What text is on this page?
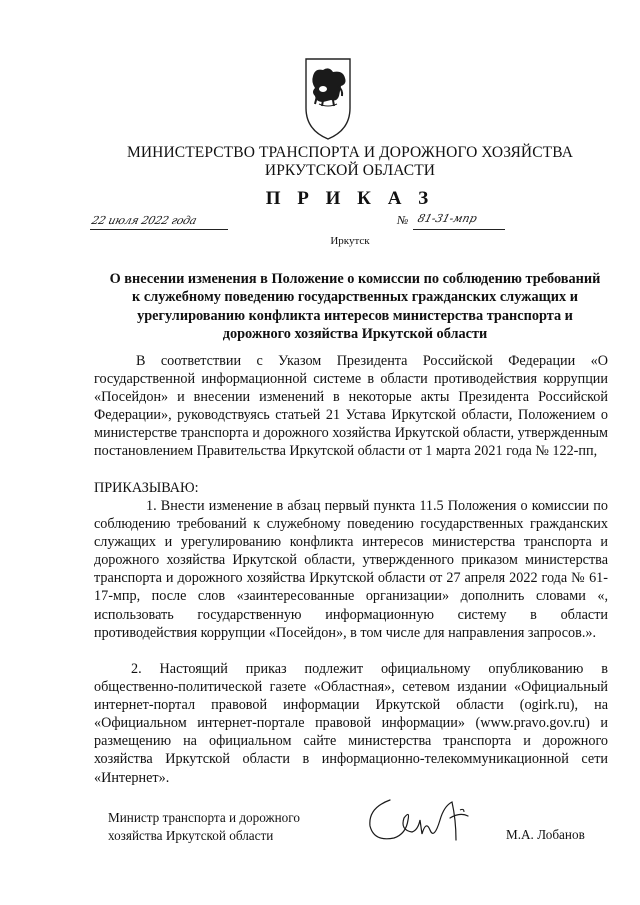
МИНИСТЕРСТВО ТРАНСПОРТА И ДОРОЖНОГО ХОЗЯЙСТВА
ИРКУТСКОЙ ОБЛАСТИ
П Р И К А З
22 июля 2022 года	№ 81-31-мпр
Иркутск
О внесении изменения в Положение о комиссии по соблюдению требований к служебному поведению государственных гражданских служащих и урегулированию конфликта интересов министерства транспорта и дорожного хозяйства Иркутской области
В соответствии с Указом Президента Российской Федерации «О государственной информационной системе в области противодействия коррупции «Посейдон» и внесении изменений в некоторые акты Президента Российской Федерации», руководствуясь статьей 21 Устава Иркутской области, Положением о министерстве транспорта и дорожного хозяйства Иркутской области, утвержденным постановлением Правительства Иркутской области от 1 марта 2021 года № 122-пп,
ПРИКАЗЫВАЮ:
1. Внести изменение в абзац первый пункта 11.5 Положения о комиссии по соблюдению требований к служебному поведению государственных гражданских служащих и урегулированию конфликта интересов министерства транспорта и дорожного хозяйства Иркутской области, утвержденного приказом министерства транспорта и дорожного хозяйства Иркутской области от 27 апреля 2022 года № 61-17-мпр, после слов «заинтересованные организации» дополнить словами «, использовать государственную информационную систему в области противодействия коррупции «Посейдон», в том числе для направления запросов.».
2. Настоящий приказ подлежит официальному опубликованию в общественно-политической газете «Областная», сетевом издании «Официальный интернет-портал правовой информации Иркутской области (ogirk.ru), на «Официальном интернет-портале правовой информации» (www.pravo.gov.ru) и размещению на официальном сайте министерства транспорта и дорожного хозяйства Иркутской области в информационно-телекоммуникационной сети «Интернет».
Министр транспорта и дорожного
хозяйства Иркутской области	М.А. Лобанов
